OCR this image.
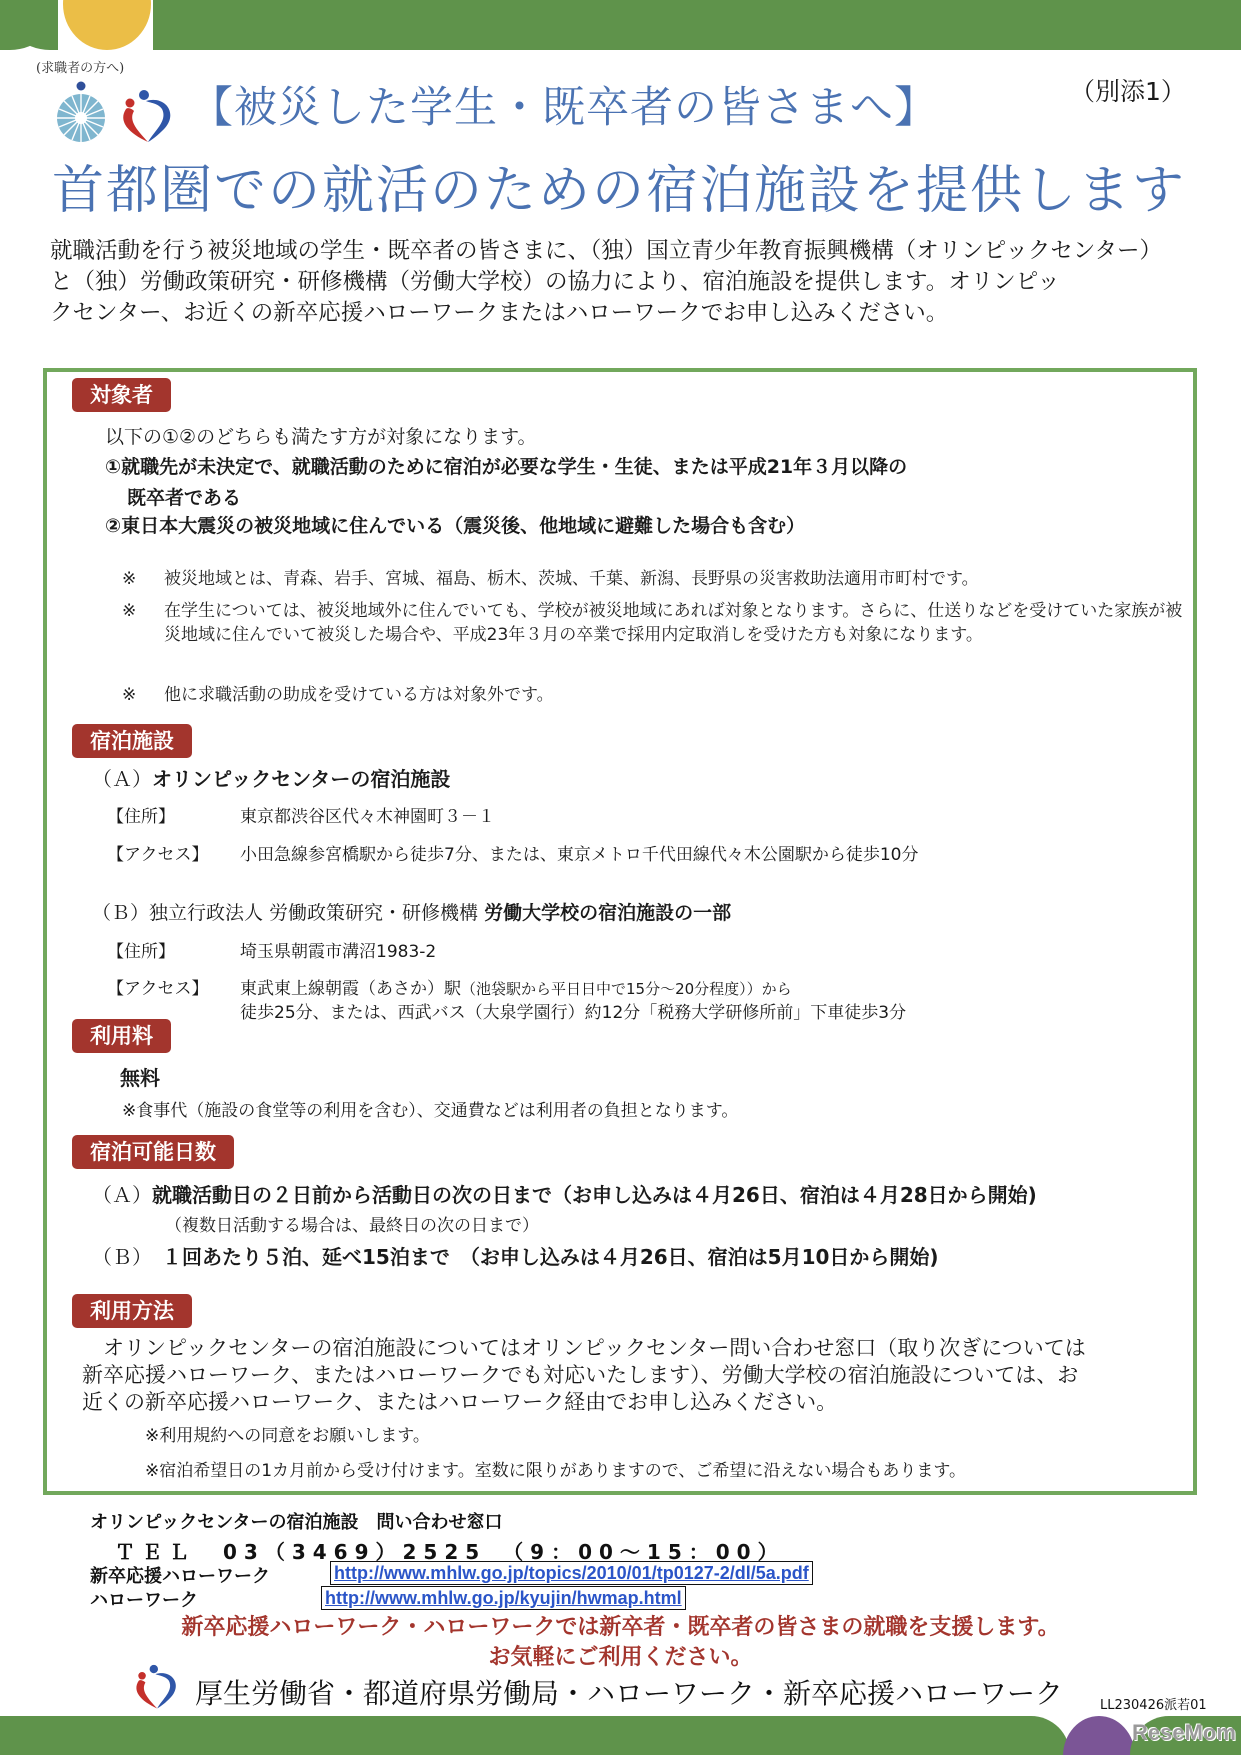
(求職者の方へ)
【被災した学生・既卒者の皆さまへ】	（別添1）
首都圏での就活のための宿泊施設を提供します

就職活動を行う被災地域の学生・既卒者の皆さまに、（独）国立青少年教育振興機構（オリンピックセンター）

と（独）労働政策研究・研修機構（労働大学校）の協力により、宿泊施設を提供します。オリンピッ

クセンター、お近くの新卒応援ハローワークまたはハローワークでお申し込みください。

対象者
以下の①②のどちらも満たす方が対象になります。
①就職先が未決定で、就職活動のために宿泊が必要な学生・生徒、または平成21年３月以降の
既卒者である
②東日本大震災の被災地域に住んでいる（震災後、他地域に避難した場合も含む）
※	被災地域とは、青森、岩手、宮城、福島、栃木、茨城、千葉、新潟、長野県の災害救助法適用市町村です。
※	在学生については、被災地域外に住んでいても、学校が被災地域にあれば対象となります。さらに、仕送りなどを受けていた家族が被災地域に住んでいて被災した場合や、平成23年３月の卒業で採用内定取消しを受けた方も対象になります。
※	他に求職活動の助成を受けている方は対象外です。
宿泊施設
（Ａ）オリンピックセンターの宿泊施設
【住所】	東京都渋谷区代々木神園町３－１
【アクセス】 小田急線参宮橋駅から徒歩7分、または、東京メトロ千代田線代々木公園駅から徒歩10分
（Ｂ）独立行政法人 労働政策研究・研修機構 労働大学校の宿泊施設の一部
【住所】	埼玉県朝霞市溝沼1983-2
【アクセス】 東武東上線朝霞（あさか）駅（池袋駅から平日日中で15分～20分程度））から
徒歩25分、または、西武バス（大泉学園行）約12分「税務大学研修所前」下車徒歩3分
利用料
無料
※食事代（施設の食堂等の利用を含む）、交通費などは利用者の負担となります。
宿泊可能日数
（Ａ）就職活動日の２日前から活動日の次の日まで（お申し込みは４月26日、宿泊は４月28日から開始)
（複数日活動する場合は、最終日の次の日まで）
（Ｂ） １回あたり５泊、延べ15泊まで　（お申し込みは４月26日、宿泊は5月10日から開始)
利用方法
　オリンピックセンターの宿泊施設についてはオリンピックセンター問い合わせ窓口（取り次ぎについては
新卒応援ハローワーク、またはハローワークでも対応いたします）、労働大学校の宿泊施設については、お
近くの新卒応援ハローワーク、またはハローワーク経由でお申し込みください。
※利用規約への同意をお願いします。
※宿泊希望日の1カ月前から受け付けます。室数に限りがありますので、ご希望に沿えない場合もあります。
オリンピックセンターの宿泊施設　問い合わせ窓口
ＴＥＬ　03（3469）2525　（9：00～15：00）
新卒応援ハローワーク	http://www.mhlw.go.jp/topics/2010/01/tp0127-2/dl/5a.pdf
ハローワーク	http://www.mhlw.go.jp/kyujin/hwmap.html
新卒応援ハローワーク・ハローワークでは新卒者・既卒者の皆さまの就職を支援します。
お気軽にご利用ください。
厚生労働省・都道府県労働局・ハローワーク・新卒応援ハローワーク	LL230426派若01
ReseMom
